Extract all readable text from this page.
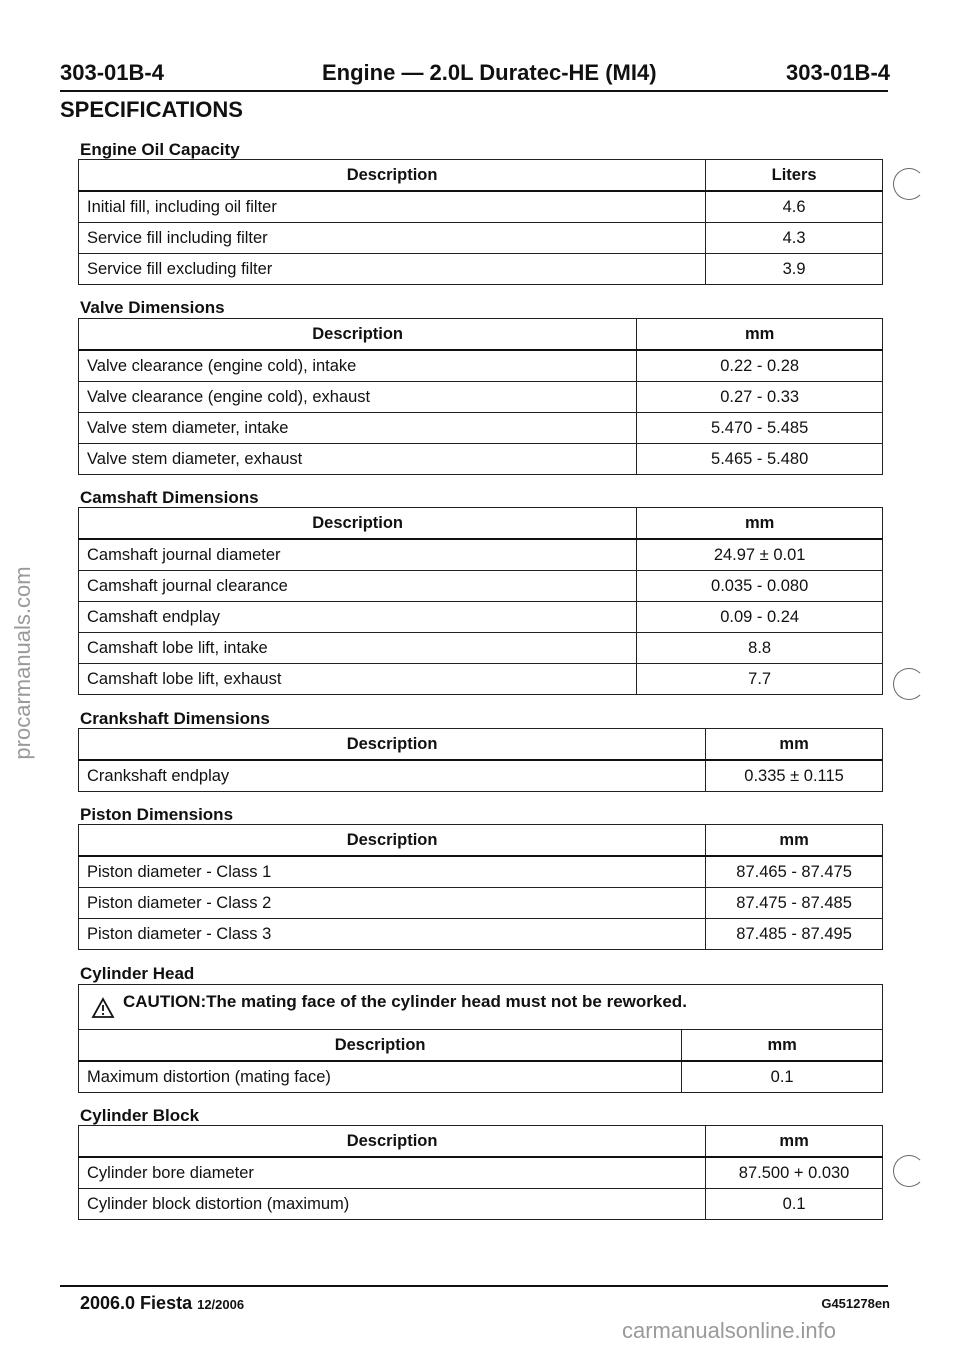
303-01B-4	Engine — 2.0L Duratec-HE (MI4)	303-01B-4
SPECIFICATIONS
Engine Oil Capacity
Description	Liters
Initial fill, including oil filter	4.6
Service fill including filter	4.3
Service fill excluding filter	3.9
Valve Dimensions
Description	mm
Valve clearance (engine cold), intake	0.22 - 0.28
Valve clearance (engine cold), exhaust	0.27 - 0.33
Valve stem diameter, intake	5.470 - 5.485
Valve stem diameter, exhaust	5.465 - 5.480
Camshaft Dimensions
Description	mm
Camshaft journal diameter	24.97 ± 0.01
Camshaft journal clearance	0.035 - 0.080
Camshaft endplay	0.09 - 0.24
Camshaft lobe lift, intake	8.8
Camshaft lobe lift, exhaust	7.7
Crankshaft Dimensions
Description	mm
Crankshaft endplay	0.335 ± 0.115
Piston Dimensions
Description	mm
Piston diameter - Class 1	87.465 - 87.475
Piston diameter - Class 2	87.475 - 87.485
Piston diameter - Class 3	87.485 - 87.495
Cylinder Head
CAUTION:The mating face of the cylinder head must not be reworked.
Description	mm
Maximum distortion (mating face)	0.1
Cylinder Block
Description	mm
Cylinder bore diameter	87.500 + 0.030
Cylinder block distortion (maximum)	0.1
procarmanuals.com
2006.0 Fiesta 12/2006	G451278en
carmanualsonline.info
